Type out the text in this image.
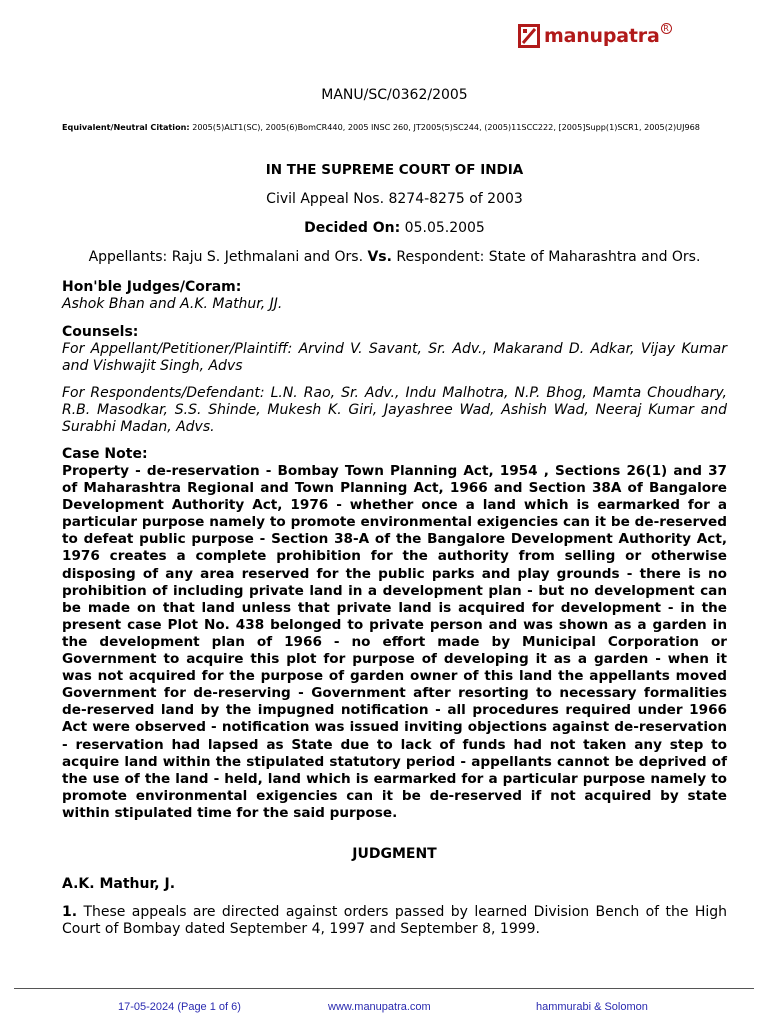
manupatra R
MANU/SC/0362/2005
Equivalent/Neutral Citation: 2005(5)ALT1(SC), 2005(6)BomCR440, 2005 INSC 260, JT2005(5)SC244, (2005)11SCC222, [2005]Supp(1)SCR1, 2005(2)UJ968
IN THE SUPREME COURT OF INDIA
Civil Appeal Nos. 8274-8275 of 2003
Decided On: 05.05.2005
Appellants: Raju S. Jethmalani and Ors. Vs. Respondent: State of Maharashtra and Ors.
Hon'ble Judges/Coram:
Ashok Bhan and A.K. Mathur, JJ.
Counsels:
For Appellant/Petitioner/Plaintiff: Arvind V. Savant, Sr. Adv., Makarand D. Adkar, Vijay Kumar and Vishwajit Singh, Advs
For Respondents/Defendant: L.N. Rao, Sr. Adv., Indu Malhotra, N.P. Bhog, Mamta Choudhary, R.B. Masodkar, S.S. Shinde, Mukesh K. Giri, Jayashree Wad, Ashish Wad, Neeraj Kumar and Surabhi Madan, Advs.
Case Note:
Property - de-reservation - Bombay Town Planning Act, 1954 , Sections 26(1) and 37 of Maharashtra Regional and Town Planning Act, 1966 and Section 38A of Bangalore Development Authority Act, 1976 - whether once a land which is earmarked for a particular purpose namely to promote environmental exigencies can it be de-reserved to defeat public purpose - Section 38-A of the Bangalore Development Authority Act, 1976 creates a complete prohibition for the authority from selling or otherwise disposing of any area reserved for the public parks and play grounds - there is no prohibition of including private land in a development plan - but no development can be made on that land unless that private land is acquired for development - in the present case Plot No. 438 belonged to private person and was shown as a garden in the development plan of 1966 - no effort made by Municipal Corporation or Government to acquire this plot for purpose of developing it as a garden - when it was not acquired for the purpose of garden owner of this land the appellants moved Government for de-reserving - Government after resorting to necessary formalities de-reserved land by the impugned notification - all procedures required under 1966 Act were observed - notification was issued inviting objections against de-reservation - reservation had lapsed as State due to lack of funds had not taken any step to acquire land within the stipulated statutory period - appellants cannot be deprived of the use of the land - held, land which is earmarked for a particular purpose namely to promote environmental exigencies can it be de-reserved if not acquired by state within stipulated time for the said purpose.
JUDGMENT
A.K. Mathur, J.
1. These appeals are directed against orders passed by learned Division Bench of the High Court of Bombay dated September 4, 1997 and September 8, 1999.
17-05-2024 (Page 1 of 6)	www.manupatra.com	hammurabi & Solomon
